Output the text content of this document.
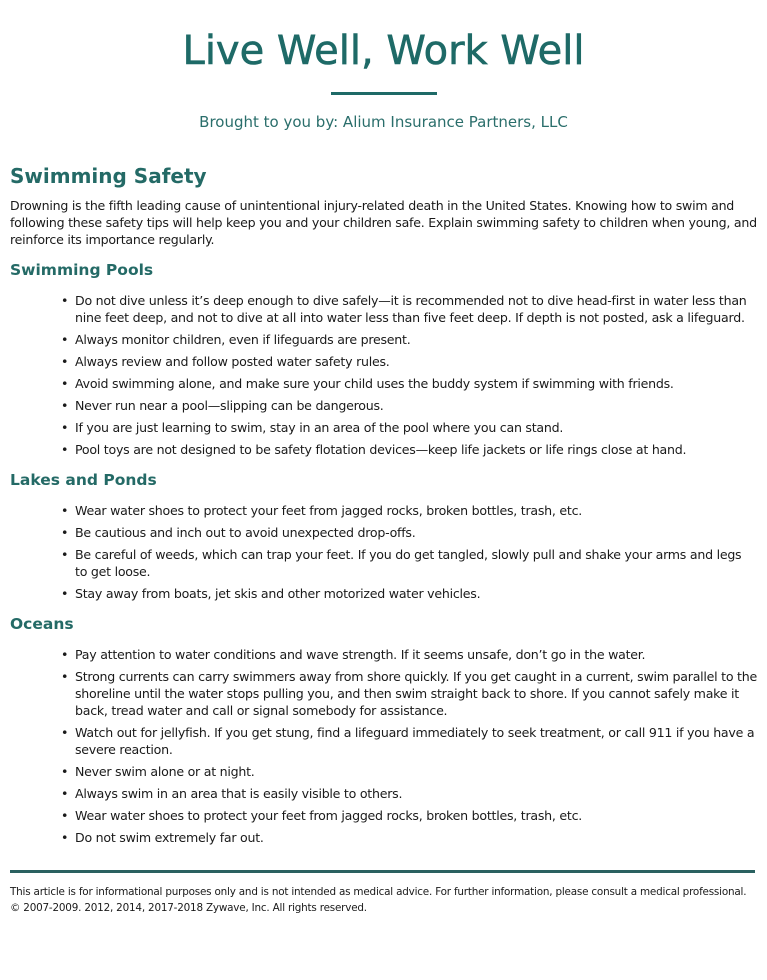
Live Well, Work Well
Brought to you by: Alium Insurance Partners, LLC
Swimming Safety

Drowning is the fifth leading cause of unintentional injury-related death in the United States. Knowing how to swim and following these safety tips will help keep you and your children safe. Explain swimming safety to children when young, and reinforce its importance regularly.

Swimming Pools
• Do not dive unless it’s deep enough to dive safely—it is recommended not to dive head-first in water less than nine feet deep, and not to dive at all into water less than five feet deep. If depth is not posted, ask a lifeguard.
• Always monitor children, even if lifeguards are present.
• Always review and follow posted water safety rules.
• Avoid swimming alone, and make sure your child uses the buddy system if swimming with friends.
• Never run near a pool—slipping can be dangerous.
• If you are just learning to swim, stay in an area of the pool where you can stand.
• Pool toys are not designed to be safety flotation devices—keep life jackets or life rings close at hand.
Lakes and Ponds
• Wear water shoes to protect your feet from jagged rocks, broken bottles, trash, etc.
• Be cautious and inch out to avoid unexpected drop-offs.
• Be careful of weeds, which can trap your feet. If you do get tangled, slowly pull and shake your arms and legs to get loose.
• Stay away from boats, jet skis and other motorized water vehicles.
Oceans
• Pay attention to water conditions and wave strength. If it seems unsafe, don’t go in the water.
• Strong currents can carry swimmers away from shore quickly. If you get caught in a current, swim parallel to the shoreline until the water stops pulling you, and then swim straight back to shore. If you cannot safely make it back, tread water and call or signal somebody for assistance.
• Watch out for jellyfish. If you get stung, find a lifeguard immediately to seek treatment, or call 911 if you have a severe reaction.
• Never swim alone or at night.
• Always swim in an area that is easily visible to others.
• Wear water shoes to protect your feet from jagged rocks, broken bottles, trash, etc.
• Do not swim extremely far out.
This article is for informational purposes only and is not intended as medical advice. For further information, please consult a medical professional. © 2007-2009. 2012, 2014, 2017-2018 Zywave, Inc. All rights reserved.
